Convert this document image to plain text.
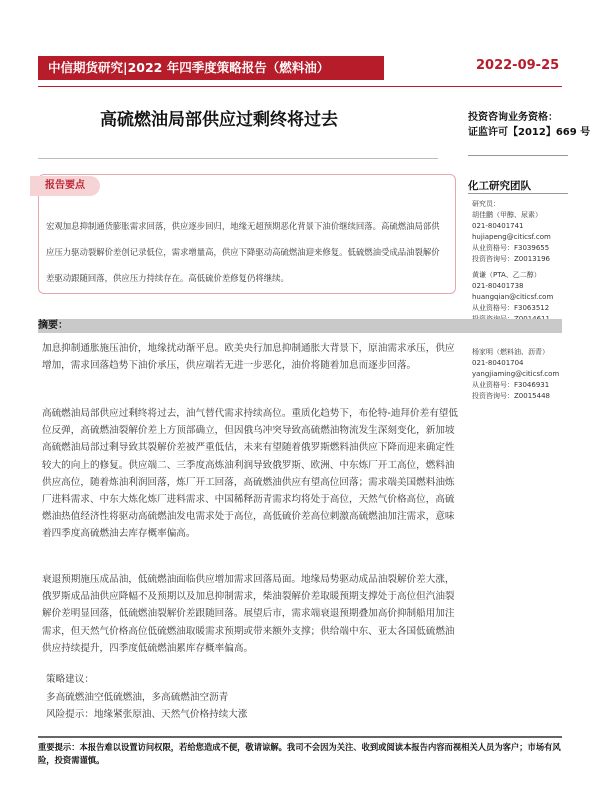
中信期货研究|2022 年四季度策略报告（燃料油）	2022-09-25
高硫燃油局部供应过剩终将过去	投资咨询业务资格：
证监许可【2012】669 号
报告要点

宏观加息抑制通货膨胀需求回落，供应逐步回归，地缘无超预期恶化背景下油价继续回落。高硫燃油局部供应压力驱动裂解价差创记录低位，需求增量高，供应下降驱动高硫燃油迎来修复。低硫燃油受成品油裂解价差驱动跟随回落，供应压力持续存在。高低硫价差修复仍将继续。

化工研究团队
研究员：
胡佳鹏（甲醇、尿素）
021-80401741
hujiapeng@citicsf.com
从业资格号：F3039655
投资咨询号：Z0013196
黄谦（PTA、乙二醇）
021-80401738
huangqian@citicsf.com
从业资格号：F3063512
杨家明（燃料油、沥青）
021-80401704
yangjiaming@citicsf.com
从业资格号：F3046931
投资咨询号：Z0015448
摘要：

加息抑制通胀施压油价，地缘扰动渐平息。欧美央行加息抑制通胀大背景下，原油需求承压，供应增加，需求回落趋势下油价承压，供应端若无进一步恶化，油价将随着加息而逐步回落。

高硫燃油局部供应过剩终将过去，油气替代需求持续高位。重质化趋势下，布伦特-迪拜价差有望低位反弹，高硫燃油裂解价差上方顶部确立，但因俄乌冲突导致高硫燃油物流发生深刻变化，新加坡高硫燃油局部过剩导致其裂解价差被严重低估，未来有望随着俄罗斯燃料油供应下降而迎来确定性较大的向上的修复。供应端二、三季度高炼油利润导致俄罗斯、欧洲、中东炼厂开工高位，燃料油供应高位，随着炼油利润回落，炼厂开工回落，高硫燃油供应有望高位回落；需求端美国燃料油炼厂进料需求、中东大炼化炼厂进料需求、中国稀释沥青需求均将处于高位，天然气价格高位，高硫燃油热值经济性将驱动高硫燃油发电需求处于高位，高低硫价差高位刺激高硫燃油加注需求，意味着四季度高硫燃油去库存概率偏高。

衰退预期施压成品油，低硫燃油面临供应增加需求回落局面。地缘局势驱动成品油裂解价差大涨，俄罗斯成品油供应降幅不及预期以及加息抑制需求，柴油裂解价差取暖预期支撑处于高位但汽油裂解价差明显回落，低硫燃油裂解价差跟随回落。展望后市，需求端衰退预期叠加高价抑制船用加注需求，但天然气价格高位低硫燃油取暖需求预期或带来额外支撑；供给端中东、亚太各国低硫燃油供应持续提升，四季度低硫燃油累库存概率偏高。

策略建议：
多高硫燃油空低硫燃油，多高硫燃油空沥青
风险提示：地缘紧张原油、天然气价格持续大涨

重要提示：本报告难以设置访问权限，若给您造成不便，敬请谅解。我司不会因为关注、收到或阅读本报告内容而视相关人员为客户；市场有风险，投资需谨慎。
